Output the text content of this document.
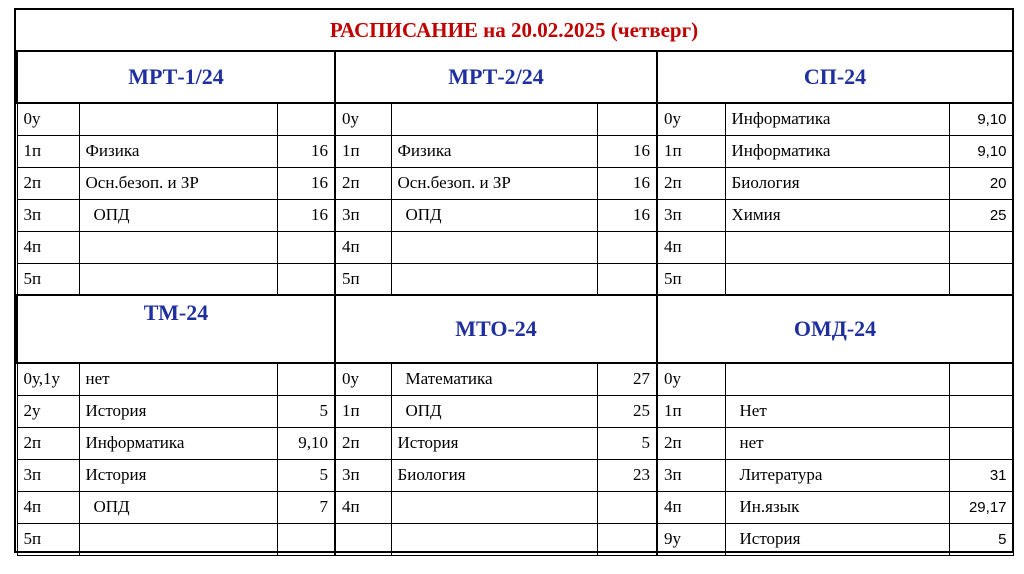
РАСПИСАНИЕ на 20.02.2025 (четверг)
МРТ-1/24			МРТ-2/24			СП-24		
0у			0у			0у	Информатика	9,10
1п	Физика	16	1п	Физика	16	1п	Информатика	9,10
2п	Осн.безоп. и ЗР	16	2п	Осн.безоп. и ЗР	16	2п	Биология	20
3п	ОПД	16	3п	ОПД	16	3п	Химия	25
4п			4п			4п		
5п			5п			5п		
ТМ-24			МТО-24			ОМД-24		
0у,1у	нет		0у	Математика	27	0у		
2у	История	5	1п	ОПД	25	1п	Нет	
2п	Информатика	9,10	2п	История	5	2п	нет	
3п	История	5	3п	Биология	23	3п	Литература	31
4п	ОПД	7	4п			4п	Ин.язык	29,17
5п						9у	История	5
